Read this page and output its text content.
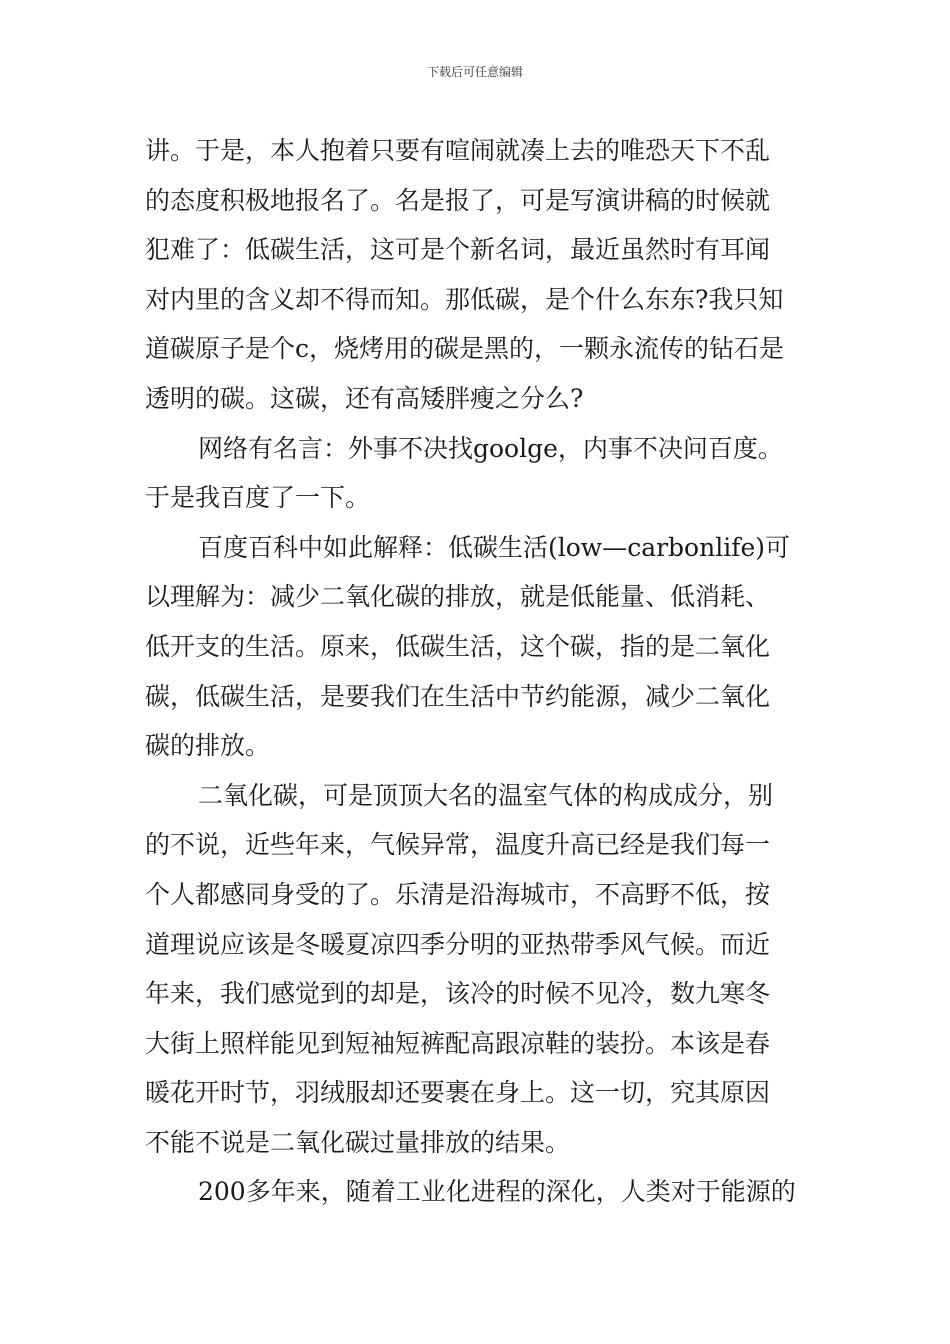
下载后可任意编辑
讲。于是，本人抱着只要有喧闹就凑上去的唯恐天下不乱
的态度积极地报名了。名是报了，可是写演讲稿的时候就
犯难了：低碳生活，这可是个新名词，最近虽然时有耳闻
对内里的含义却不得而知。那低碳，是个什么东东?我只知
道碳原子是个c，烧烤用的碳是黑的，一颗永流传的钻石是
透明的碳。这碳，还有高矮胖瘦之分么?
网络有名言：外事不决找goolge，内事不决问百度。
于是我百度了一下。
百度百科中如此解释：低碳生活(low—carbonlife)可
以理解为：减少二氧化碳的排放，就是低能量、低消耗、
低开支的生活。原来，低碳生活，这个碳，指的是二氧化
碳，低碳生活，是要我们在生活中节约能源，减少二氧化
碳的排放。
二氧化碳，可是顶顶大名的温室气体的构成成分，别
的不说，近些年来，气候异常，温度升高已经是我们每一
个人都感同身受的了。乐清是沿海城市，不高野不低，按
道理说应该是冬暖夏凉四季分明的亚热带季风气候。而近
年来，我们感觉到的却是，该冷的时候不见冷，数九寒冬
大街上照样能见到短袖短裤配高跟凉鞋的装扮。本该是春
暖花开时节，羽绒服却还要裹在身上。这一切，究其原因
不能不说是二氧化碳过量排放的结果。
200多年来，随着工业化进程的深化，人类对于能源的
